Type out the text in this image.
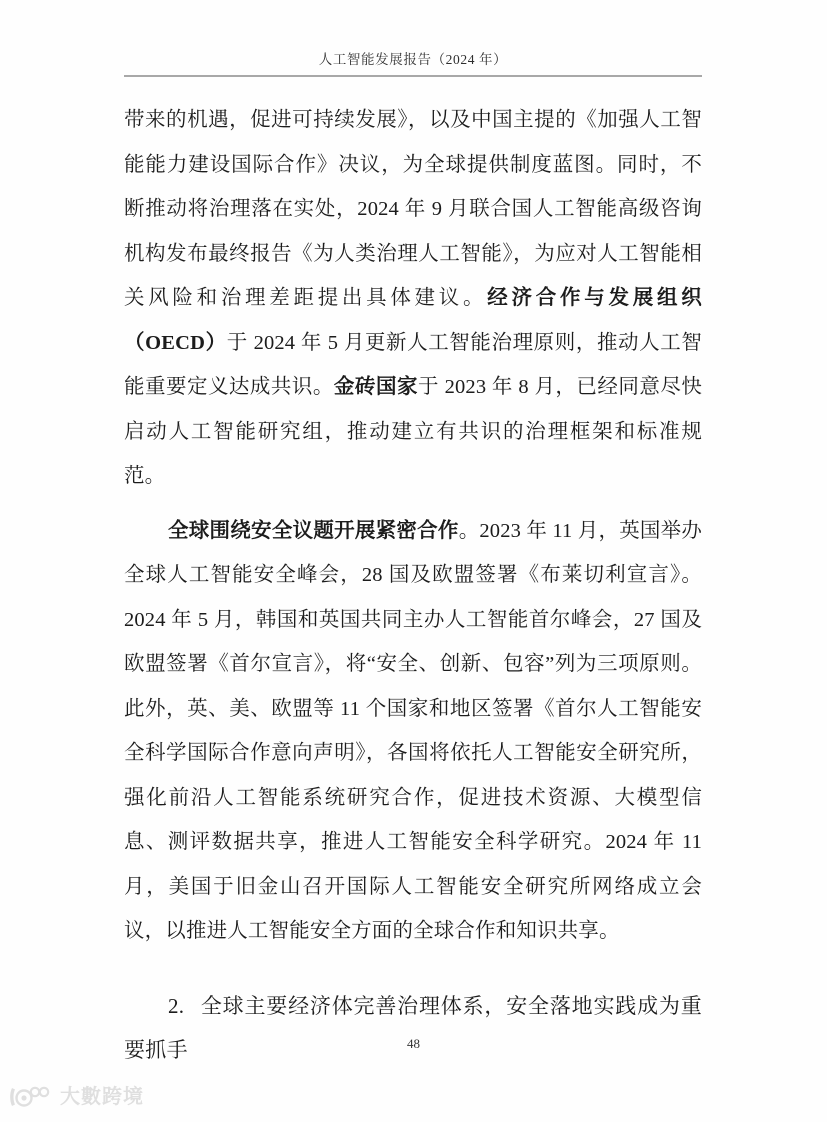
人工智能发展报告（2024 年）

带来的机遇，促进可持续发展》，以及中国主提的《加强人工智能能力建设国际合作》决议，为全球提供制度蓝图。同时，不断推动将治理落在实处，2024 年 9 月联合国人工智能高级咨询机构发布最终报告《为人类治理人工智能》，为应对人工智能相关风险和治理差距提出具体建议。经济合作与发展组织（OECD）于 2024 年 5 月更新人工智能治理原则，推动人工智能重要定义达成共识。金砖国家于 2023 年 8 月，已经同意尽快启动人工智能研究组，推动建立有共识的治理框架和标准规范。

全球围绕安全议题开展紧密合作。2023 年 11 月，英国举办全球人工智能安全峰会，28 国及欧盟签署《布莱切利宣言》。2024 年 5 月，韩国和英国共同主办人工智能首尔峰会，27 国及欧盟签署《首尔宣言》，将“安全、创新、包容”列为三项原则。此外，英、美、欧盟等 11 个国家和地区签署《首尔人工智能安全科学国际合作意向声明》，各国将依托人工智能安全研究所，强化前沿人工智能系统研究合作，促进技术资源、大模型信息、测评数据共享，推进人工智能安全科学研究。2024 年 11 月，美国于旧金山召开国际人工智能安全研究所网络成立会议，以推进人工智能安全方面的全球合作和知识共享。

2. 全球主要经济体完善治理体系，安全落地实践成为重要抓手	48
大數跨境
